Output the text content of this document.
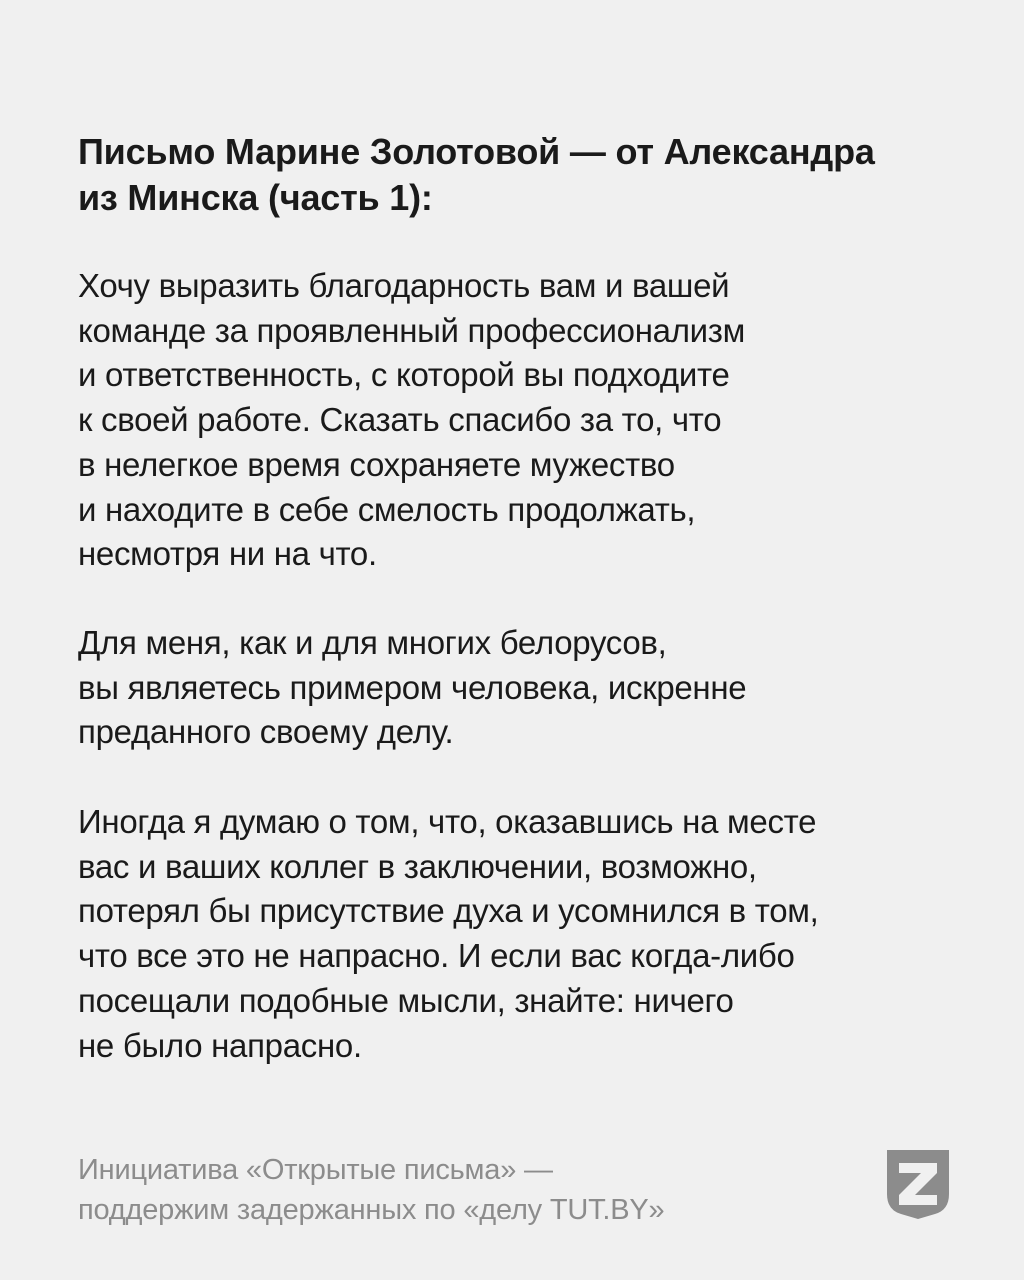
Письмо Марине Золотовой — от Александра
из Минска (часть 1):

Хочу выразить благодарность вам и вашей
команде за проявленный профессионализм
и ответственность, с которой вы подходите
к своей работе. Сказать спасибо за то, что
в нелегкое время сохраняете мужество
и находите в себе смелость продолжать,
несмотря ни на что.

Для меня, как и для многих белорусов,
вы являетесь примером человека, искренне
преданного своему делу.

Иногда я думаю о том, что, оказавшись на месте
вас и ваших коллег в заключении, возможно,
потерял бы присутствие духа и усомнился в том,
что все это не напрасно. И если вас когда-либо
посещали подобные мысли, знайте: ничего
не было напрасно.

Инициатива «Открытые письма» —
поддержим задержанных по «делу TUT.BY»
